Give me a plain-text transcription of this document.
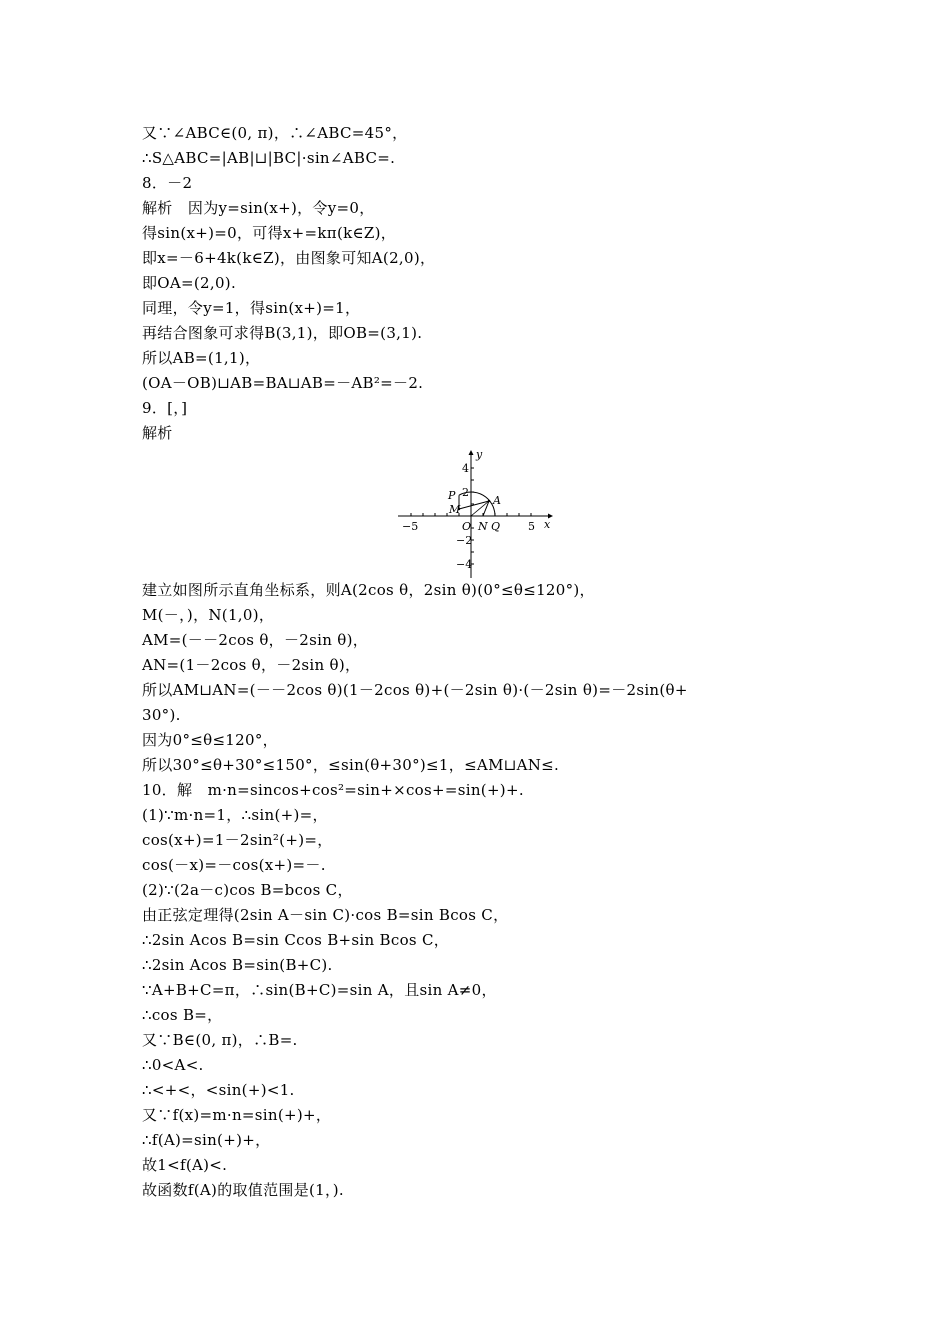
又∵∠ABC∈(0, π)，∴∠ABC=45°，
∴S△ABC=|AB|⊔|BC|·sin∠ABC=.
8．－2
解析　因为y=sin(x+)，令y=0，
得sin(x+)=0，可得x+=kπ(k∈Z)，
即x=－6+4k(k∈Z)，由图象可知A(2,0)，
即OA=(2,0).
同理，令y=1，得sin(x+)=1，
再结合图象可求得B(3,1)，即OB=(3,1).
所以AB=(1,1)，
(OA－OB)⊔AB=BA⊔AB=－AB²=－2.
9．[，]
解析
y
x
4
2
−2
−4
−5	5
P	A
M
O N Q
建立如图所示直角坐标系，则A(2cos θ，2sin θ)(0°≤θ≤120°)，
M(－，)，N(1,0)，
AM=(－－2cos θ，－2sin θ)，
AN=(1－2cos θ，－2sin θ)，
所以AM⊔AN=(－－2cos θ)(1－2cos θ)+(－2sin θ)·(－2sin θ)=－2sin(θ+
30°).
因为0°≤θ≤120°，
所以30°≤θ+30°≤150°，≤sin(θ+30°)≤1，≤AM⊔AN≤.
10．解　m·n=sincos+cos²=sin+×cos+=sin(+)+.
(1)∵m·n=1，∴sin(+)=，
cos(x+)=1－2sin²(+)=，
cos(－x)=－cos(x+)=－.
(2)∵(2a－c)cos B=bcos C，
由正弦定理得(2sin A－sin C)·cos B=sin Bcos C，
∴2sin Acos B=sin Ccos B+sin Bcos C，
∴2sin Acos B=sin(B+C).
∵A+B+C=π，∴sin(B+C)=sin A，且sin A≠0，
∴cos B=，
又∵B∈(0, π)，∴B=.
∴0<A<.
∴<+<，<sin(+)<1.
又∵f(x)=m·n=sin(+)+，
∴f(A)=sin(+)+，
故1<f(A)<.
故函数f(A)的取值范围是(1，).
